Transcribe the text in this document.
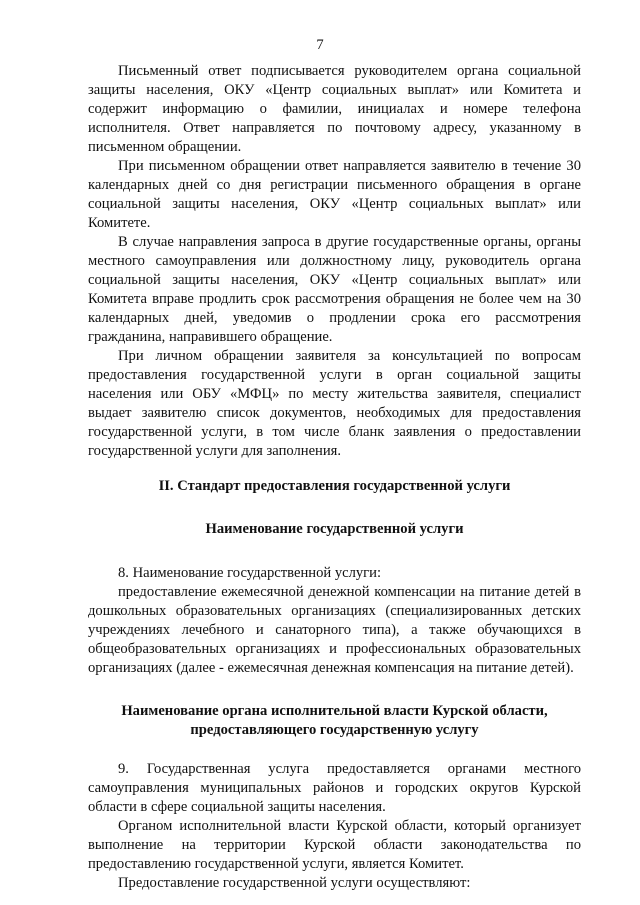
7

Письменный ответ подписывается руководителем органа социальной защиты населения, ОКУ «Центр социальных выплат» или Комитета и содержит информацию о фамилии, инициалах и номере телефона исполнителя. Ответ направляется по почтовому адресу, указанному в письменном обращении.

При письменном обращении ответ направляется заявителю в течение 30 календарных дней со дня регистрации письменного обращения в органе социальной защиты населения, ОКУ «Центр социальных выплат» или Комитете.

В случае направления запроса в другие государственные органы, органы местного самоуправления или должностному лицу, руководитель органа социальной защиты населения, ОКУ «Центр социальных выплат» или Комитета вправе продлить срок рассмотрения обращения не более чем на 30 календарных дней, уведомив о продлении срока его рассмотрения гражданина, направившего обращение.

При личном обращении заявителя за консультацией по вопросам предоставления государственной услуги в орган социальной защиты населения или ОБУ «МФЦ» по месту жительства заявителя, специалист выдает заявителю список документов, необходимых для предоставления государственной услуги, в том числе бланк заявления о предоставлении государственной услуги для заполнения.

II. Стандарт предоставления государственной услуги

Наименование государственной услуги

8. Наименование государственной услуги:

предоставление ежемесячной денежной компенсации на питание детей в дошкольных образовательных организациях (специализированных детских учреждениях лечебного и санаторного типа), а также обучающихся в общеобразовательных организациях и профессиональных образовательных организациях (далее - ежемесячная денежная компенсация на питание детей).

Наименование органа исполнительной власти Курской области,

предоставляющего государственную услугу

9. Государственная услуга предоставляется органами местного самоуправления муниципальных районов и городских округов Курской области в сфере социальной защиты населения.

Органом исполнительной власти Курской области, который организует выполнение на территории Курской области законодательства по предоставлению государственной услуги, является Комитет.

Предоставление государственной услуги осуществляют:
